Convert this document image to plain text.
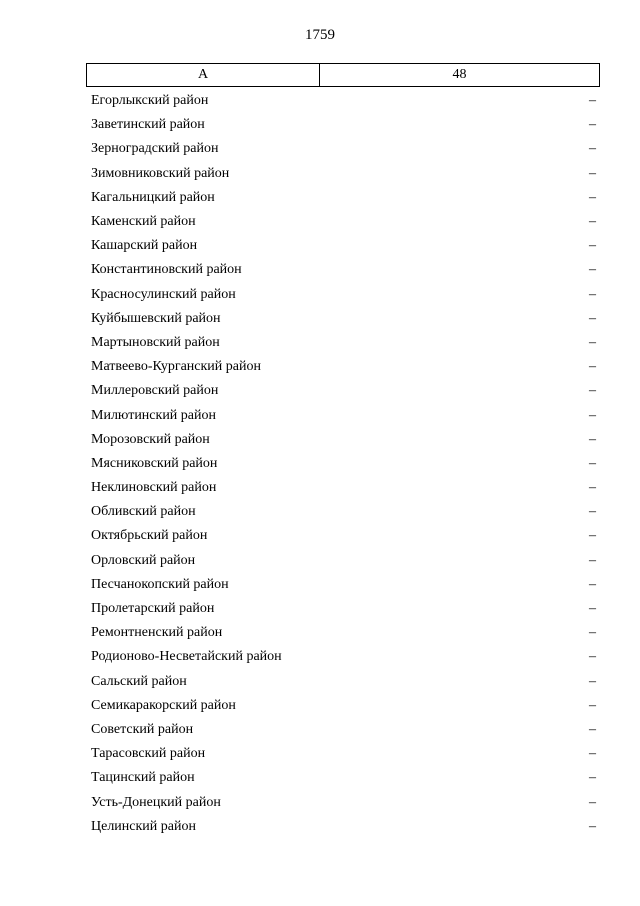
1759
А	48
Егорлыкский район	–
Заветинский район	–
Зерноградский район	–
Зимовниковский район	–
Кагальницкий район	–
Каменский район	–
Кашарский район	–
Константиновский район	–
Красносулинский район	–
Куйбышевский район	–
Мартыновский район	–
Матвеево-Курганский район	–
Миллеровский район	–
Милютинский район	–
Морозовский район	–
Мясниковский район	–
Неклиновский район	–
Обливский район	–
Октябрьский район	–
Орловский район	–
Песчанокопский район	–
Пролетарский район	–
Ремонтненский район	–
Родионово-Несветайский район	–
Сальский район	–
Семикаракорский район	–
Советский район	–
Тарасовский район	–
Тацинский район	–
Усть-Донецкий район	–
Целинский район	–
